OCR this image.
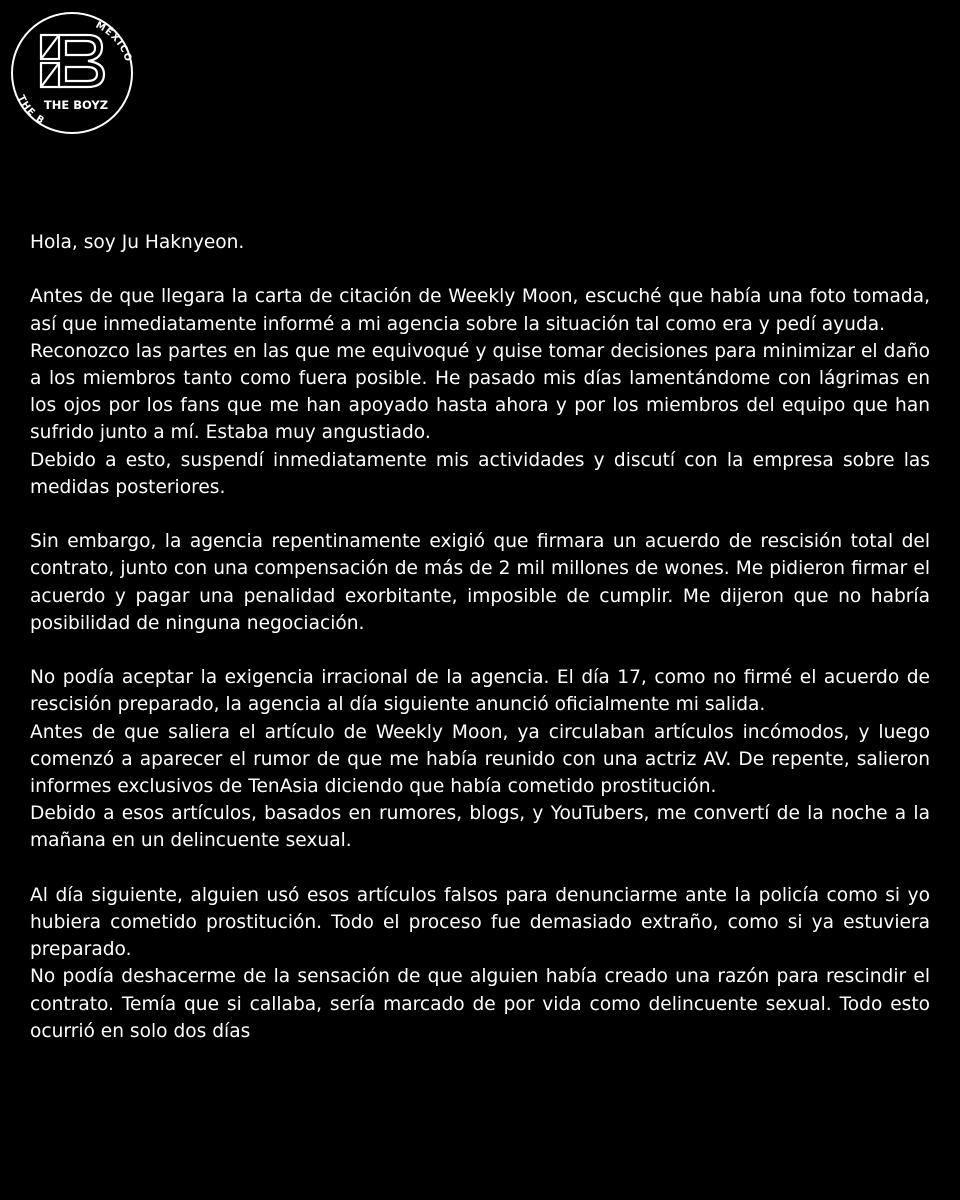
MÉXICO
THE B
THE BOYZ

Hola, soy Ju Haknyeon.

Antes de que llegara la carta de citación de Weekly Moon, escuché que había una foto tomada, así que inmediatamente informé a mi agencia sobre la situación tal como era y pedí ayuda.

Reconozco las partes en las que me equivoqué y quise tomar decisiones para minimizar el daño a los miembros tanto como fuera posible. He pasado mis días lamentándome con lágrimas en los ojos por los fans que me han apoyado hasta ahora y por los miembros del equipo que han sufrido junto a mí. Estaba muy angustiado.

Debido a esto, suspendí inmediatamente mis actividades y discutí con la empresa sobre las medidas posteriores.

Sin embargo, la agencia repentinamente exigió que firmara un acuerdo de rescisión total del contrato, junto con una compensación de más de 2 mil millones de wones. Me pidieron firmar el acuerdo y pagar una penalidad exorbitante, imposible de cumplir. Me dijeron que no habría posibilidad de ninguna negociación.

No podía aceptar la exigencia irracional de la agencia. El día 17, como no firmé el acuerdo de rescisión preparado, la agencia al día siguiente anunció oficialmente mi salida.

Antes de que saliera el artículo de Weekly Moon, ya circulaban artículos incómodos, y luego comenzó a aparecer el rumor de que me había reunido con una actriz AV. De repente, salieron informes exclusivos de TenAsia diciendo que había cometido prostitución.

Debido a esos artículos, basados en rumores, blogs, y YouTubers, me convertí de la noche a la mañana en un delincuente sexual.

Al día siguiente, alguien usó esos artículos falsos para denunciarme ante la policía como si yo hubiera cometido prostitución. Todo el proceso fue demasiado extraño, como si ya estuviera preparado.

No podía deshacerme de la sensación de que alguien había creado una razón para rescindir el contrato. Temía que si callaba, sería marcado de por vida como delincuente sexual. Todo esto ocurrió en solo dos días
